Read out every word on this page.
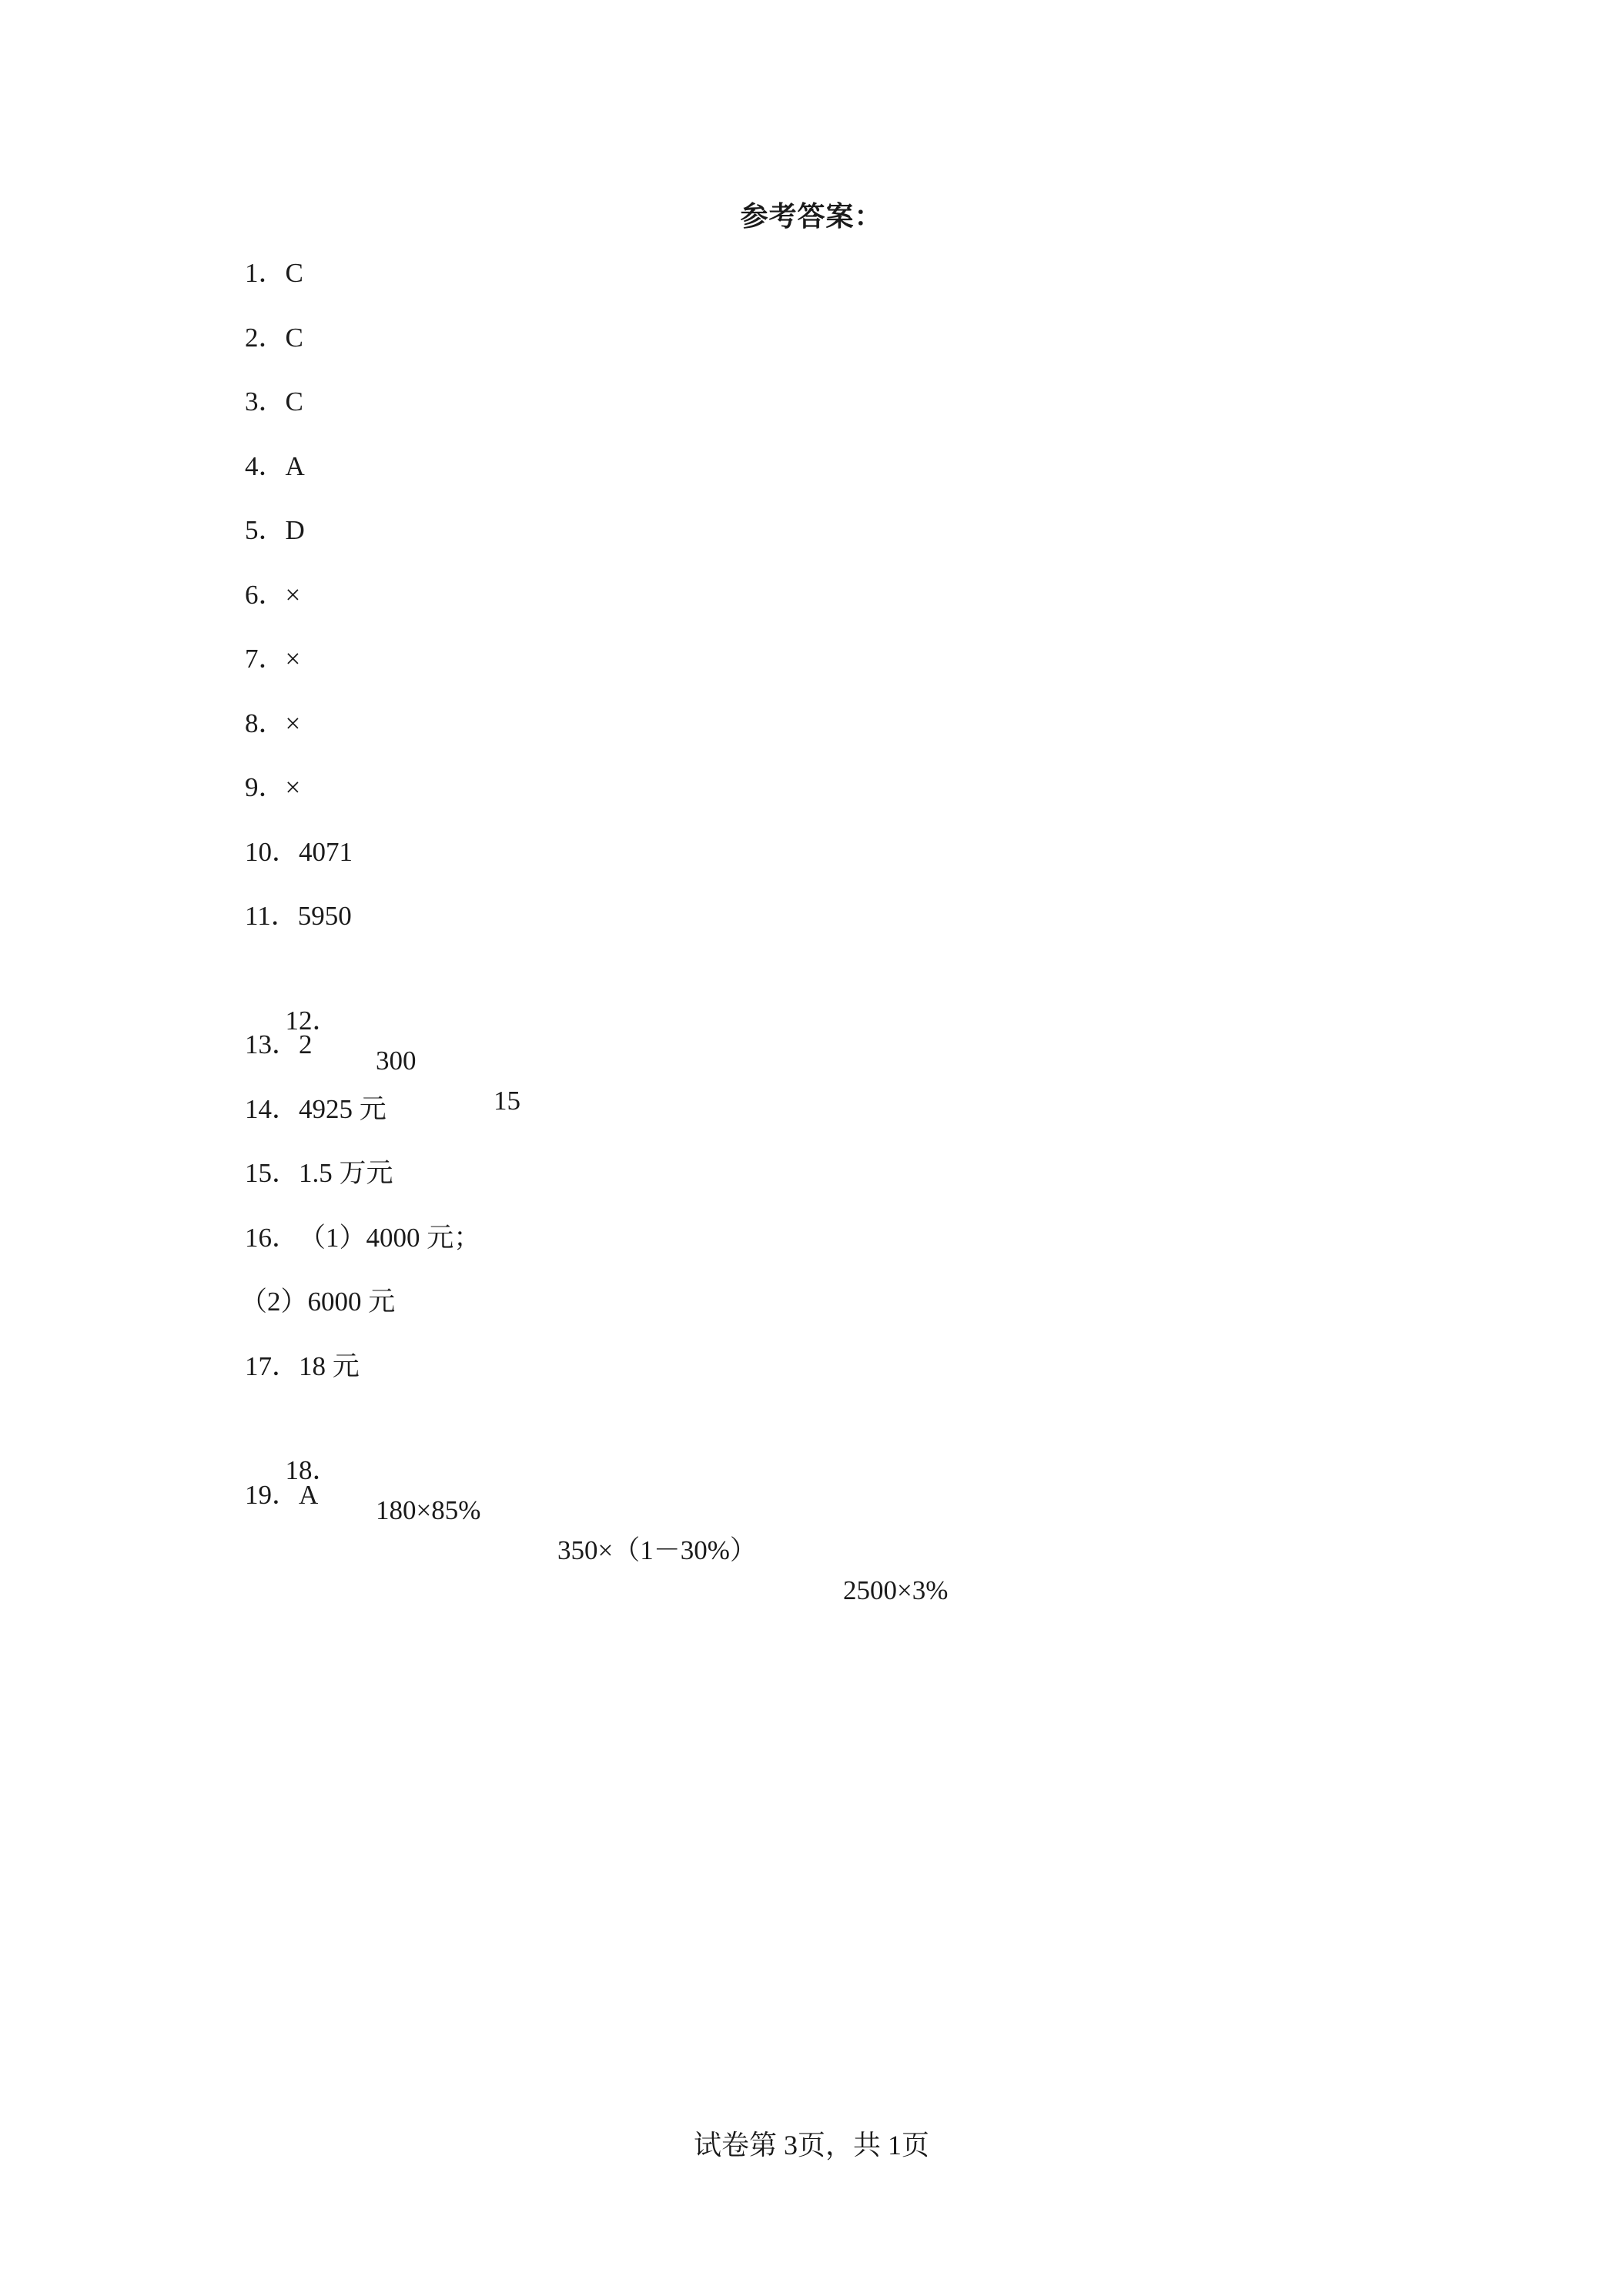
参考答案：
1．C
2．C
3．C
4．A
5．D
6．×
7．×
8．×
9．×
10．4071
11．5950

12．

300

15

13．2
14．4925 元
15．1.5 万元
16．（1）4000 元；
（2）6000 元
17．18 元

18．

180×85%

350×（1－30%）

2500×3%

19．A
试卷第 3页，共 1页
